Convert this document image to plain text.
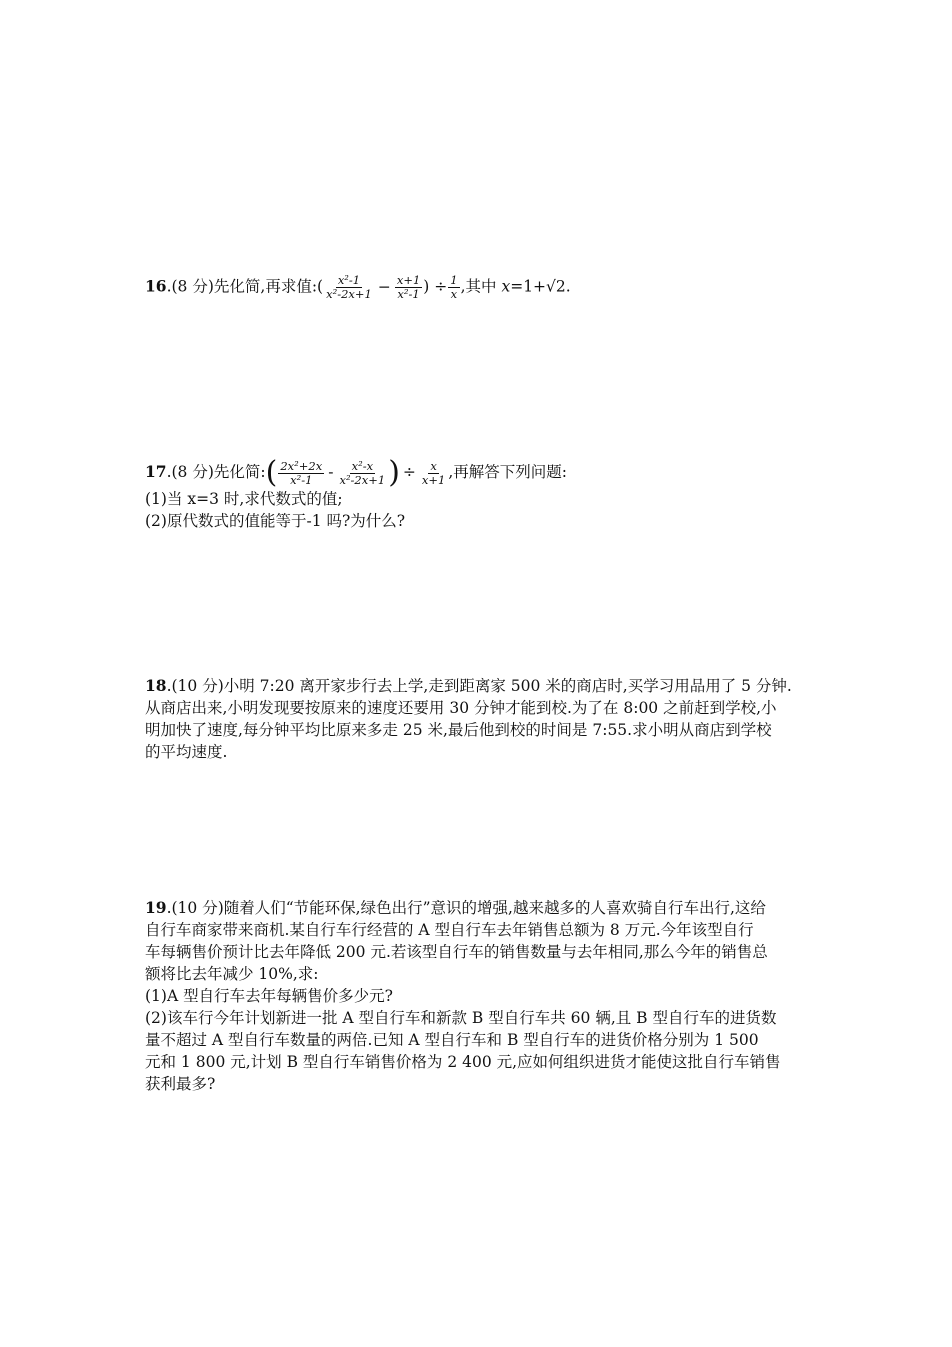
16.(8 分)先化简,再求值:( $\frac{\text{x²-1}}{\text{x²-2x+1}} - \frac{x+1}{\text{x²-1}}$ ) ÷ $\frac{1}{x}$ ,其中 x=1+√2.
17.(8 分)先化简:( $\frac{\text{2x²+2x}}{\text{x²-1}} - \frac{\text{x²-x}}{\text{x²-2x+1}}$ ) ÷ $\frac{x}{x+1}$ ,再解答下列问题:
(1)当 x=3 时,求代数式的值;
(2)原代数式的值能等于-1 吗?为什么?
18.(10 分)小明 7:20 离开家步行去上学,走到距离家 500 米的商店时,买学习用品用了 5 分钟.
从商店出来,小明发现要按原来的速度还要用 30 分钟才能到校.为了在 8:00 之前赶到学校,小
明加快了速度,每分钟平均比原来多走 25 米,最后他到校的时间是 7:55.求小明从商店到学校
的平均速度.
19.(10 分)随着人们“节能环保,绿色出行”意识的增强,越来越多的人喜欢骑自行车出行,这给
自行车商家带来商机.某自行车行经营的 A 型自行车去年销售总额为 8 万元.今年该型自行
车每辆售价预计比去年降低 200 元.若该型自行车的销售数量与去年相同,那么今年的销售总
额将比去年减少 10%,求:
(1)A 型自行车去年每辆售价多少元?
(2)该车行今年计划新进一批 A 型自行车和新款 B 型自行车共 60 辆,且 B 型自行车的进货数
量不超过 A 型自行车数量的两倍.已知 A 型自行车和 B 型自行车的进货价格分别为 1 500
元和 1 800 元,计划 B 型自行车销售价格为 2 400 元,应如何组织进货才能使这批自行车销售
获利最多?
